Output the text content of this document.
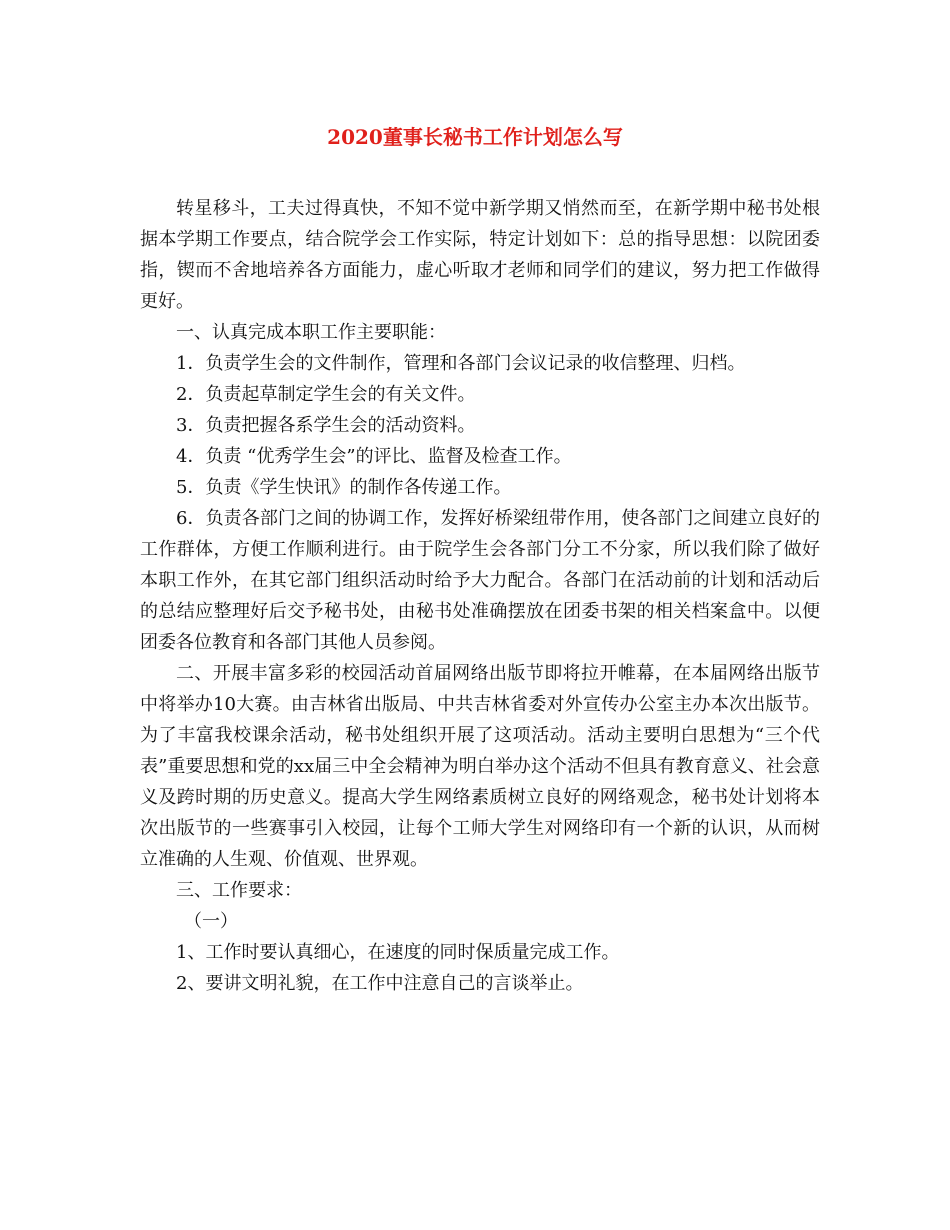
2020董事长秘书工作计划怎么写

转星移斗，工夫过得真快，不知不觉中新学期又悄然而至，在新学期中秘书处根据本学期工作要点，结合院学会工作实际，特定计划如下：总的指导思想：以院团委指，锲而不舍地培养各方面能力，虚心听取才老师和同学们的建议，努力把工作做得更好。

一、认真完成本职工作主要职能：

1．负责学生会的文件制作，管理和各部门会议记录的收信整理、归档。

2．负责起草制定学生会的有关文件。

3．负责把握各系学生会的活动资料。

4．负责 “优秀学生会”的评比、监督及检查工作。

5．负责《学生快讯》的制作各传递工作。

6．负责各部门之间的协调工作，发挥好桥梁纽带作用，使各部门之间建立良好的工作群体，方便工作顺利进行。由于院学生会各部门分工不分家，所以我们除了做好本职工作外，在其它部门组织活动时给予大力配合。各部门在活动前的计划和活动后的总结应整理好后交予秘书处，由秘书处准确摆放在团委书架的相关档案盒中。以便团委各位教育和各部门其他人员参阅。

二、开展丰富多彩的校园活动首届网络出版节即将拉开帷幕，在本届网络出版节中将举办10大赛。由吉林省出版局、中共吉林省委对外宣传办公室主办本次出版节。为了丰富我校课余活动，秘书处组织开展了这项活动。活动主要明白思想为“三个代表”重要思想和党的xx届三中全会精神为明白举办这个活动不但具有教育意义、社会意义及跨时期的历史意义。提高大学生网络素质树立良好的网络观念，秘书处计划将本次出版节的一些赛事引入校园，让每个工师大学生对网络印有一个新的认识，从而树立准确的人生观、价值观、世界观。

三、工作要求：

（一）

1、工作时要认真细心，在速度的同时保质量完成工作。

2、要讲文明礼貌，在工作中注意自己的言谈举止。
